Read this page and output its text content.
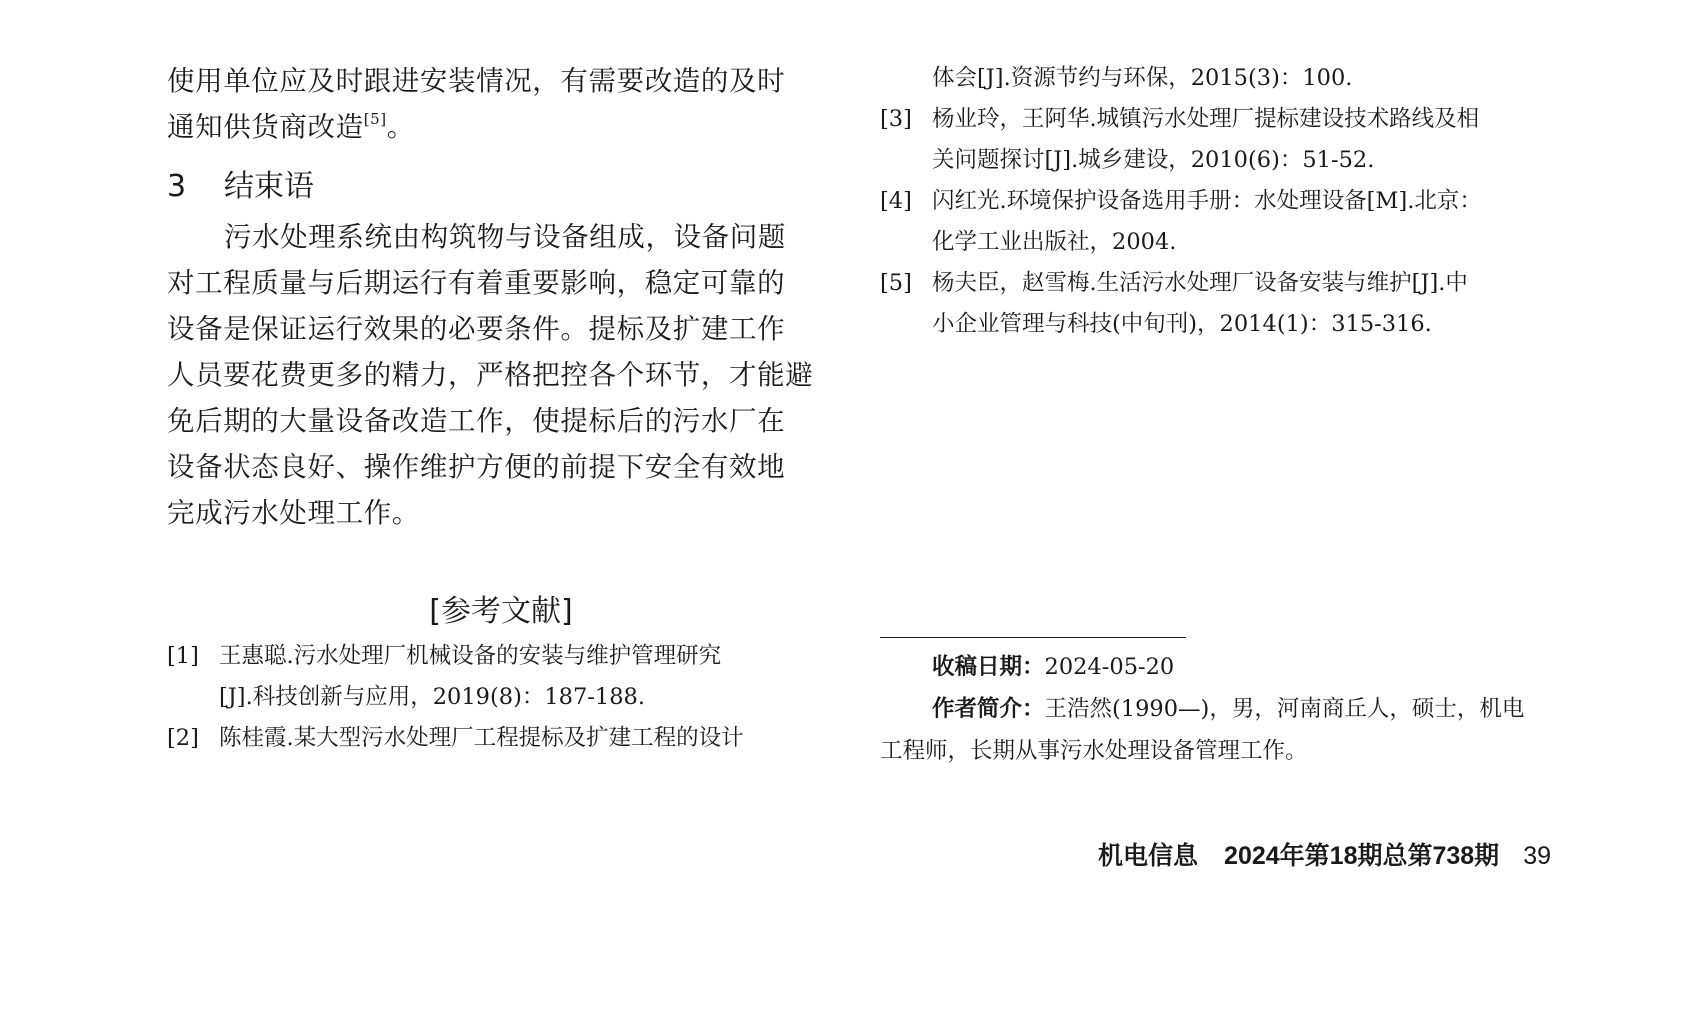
使用单位应及时跟进安装情况，有需要改造的及时
通知供货商改造[5]。
3 结束语
污水处理系统由构筑物与设备组成，设备问题
对工程质量与后期运行有着重要影响，稳定可靠的
设备是保证运行效果的必要条件。提标及扩建工作
人员要花费更多的精力，严格把控各个环节，才能避
免后期的大量设备改造工作，使提标后的污水厂在
设备状态良好、操作维护方便的前提下安全有效地
完成污水处理工作。
[参考文献]
[1] 王惠聪.污水处理厂机械设备的安装与维护管理研究
[J].科技创新与应用，2019(8)：187-188.
[2] 陈桂霞.某大型污水处理厂工程提标及扩建工程的设计
体会[J].资源节约与环保，2015(3)：100.
[3] 杨业玲，王阿华.城镇污水处理厂提标建设技术路线及相
关问题探讨[J].城乡建设，2010(6)：51-52.
[4] 闪红光.环境保护设备选用手册：水处理设备[M].北京：
化学工业出版社，2004.
[5] 杨夫臣，赵雪梅.生活污水处理厂设备安装与维护[J].中
小企业管理与科技(中旬刊)，2014(1)：315-316.
收稿日期：2024-05-20
作者简介：王浩然(1990—)，男，河南商丘人，硕士，机电
工程师，长期从事污水处理设备管理工作。
机电信息 2024年第18期总第738期 39
